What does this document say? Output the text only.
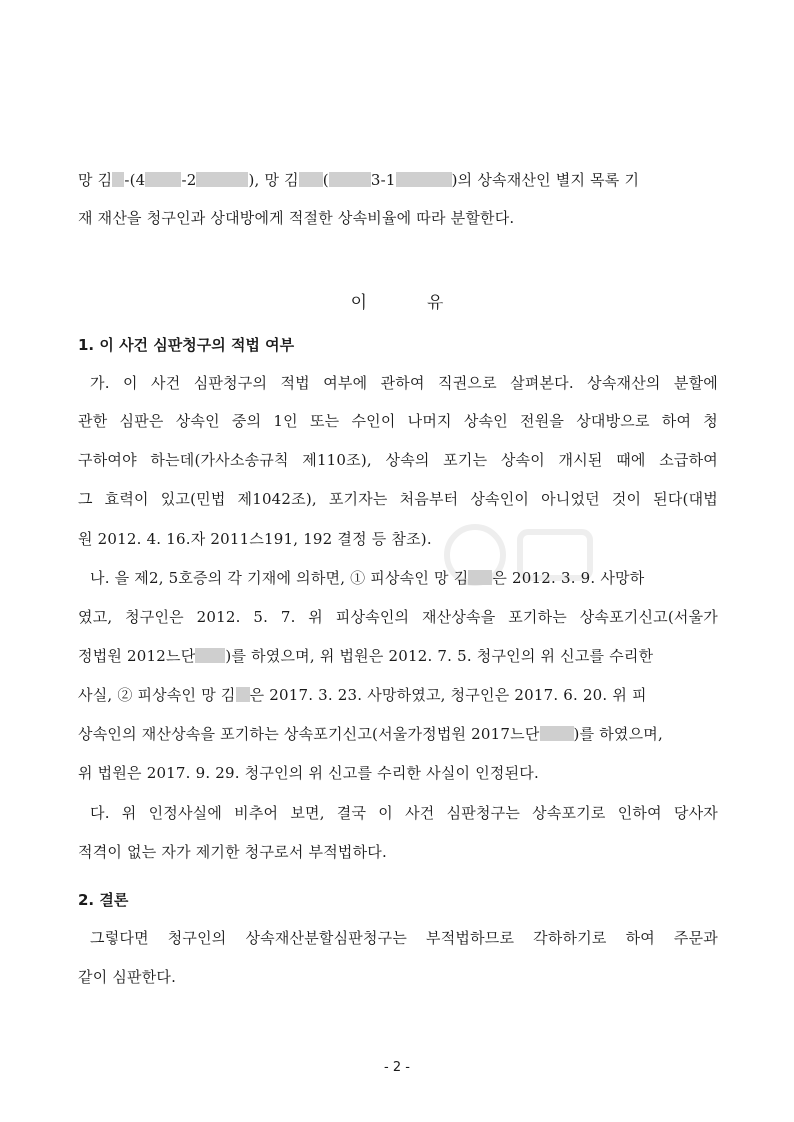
망 김 -(4 -2	), 망 김 (	3-1	)의 상속재산인 별지 목록 기
재 재산을 청구인과 상대방에게 적절한 상속비율에 따라 분할한다.
이	유
1. 이 사건 심판청구의 적법 여부
가. 이 사건 심판청구의 적법 여부에 관하여 직권으로 살펴본다. 상속재산의 분할에
관한 심판은 상속인 중의 1인 또는 수인이 나머지 상속인 전원을 상대방으로 하여 청
구하여야 하는데(가사소송규칙 제110조), 상속의 포기는 상속이 개시된 때에 소급하여
그 효력이 있고(민법 제1042조), 포기자는 처음부터 상속인이 아니었던 것이 된다(대법
원 2012. 4. 16.자 2011스191, 192 결정 등 참조).
나. 을 제2, 5호증의 각 기재에 의하면, ① 피상속인 망 김 은 2012. 3. 9. 사망하
였고, 청구인은 2012. 5. 7. 위 피상속인의 재산상속을 포기하는 상속포기신고(서울가
정법원 2012느단 )를 하였으며, 위 법원은 2012. 7. 5. 청구인의 위 신고를 수리한
사실, ② 피상속인 망 김 은 2017. 3. 23. 사망하였고, 청구인은 2017. 6. 20. 위 피
상속인의 재산상속을 포기하는 상속포기신고(서울가정법원 2017느단 )를 하였으며,
위 법원은 2017. 9. 29. 청구인의 위 신고를 수리한 사실이 인정된다.
다. 위 인정사실에 비추어 보면, 결국 이 사건 심판청구는 상속포기로 인하여 당사자
적격이 없는 자가 제기한 청구로서 부적법하다.
2. 결론
그렇다면 청구인의 상속재산분할심판청구는 부적법하므로 각하하기로 하여 주문과
같이 심판한다.
- 2 -
